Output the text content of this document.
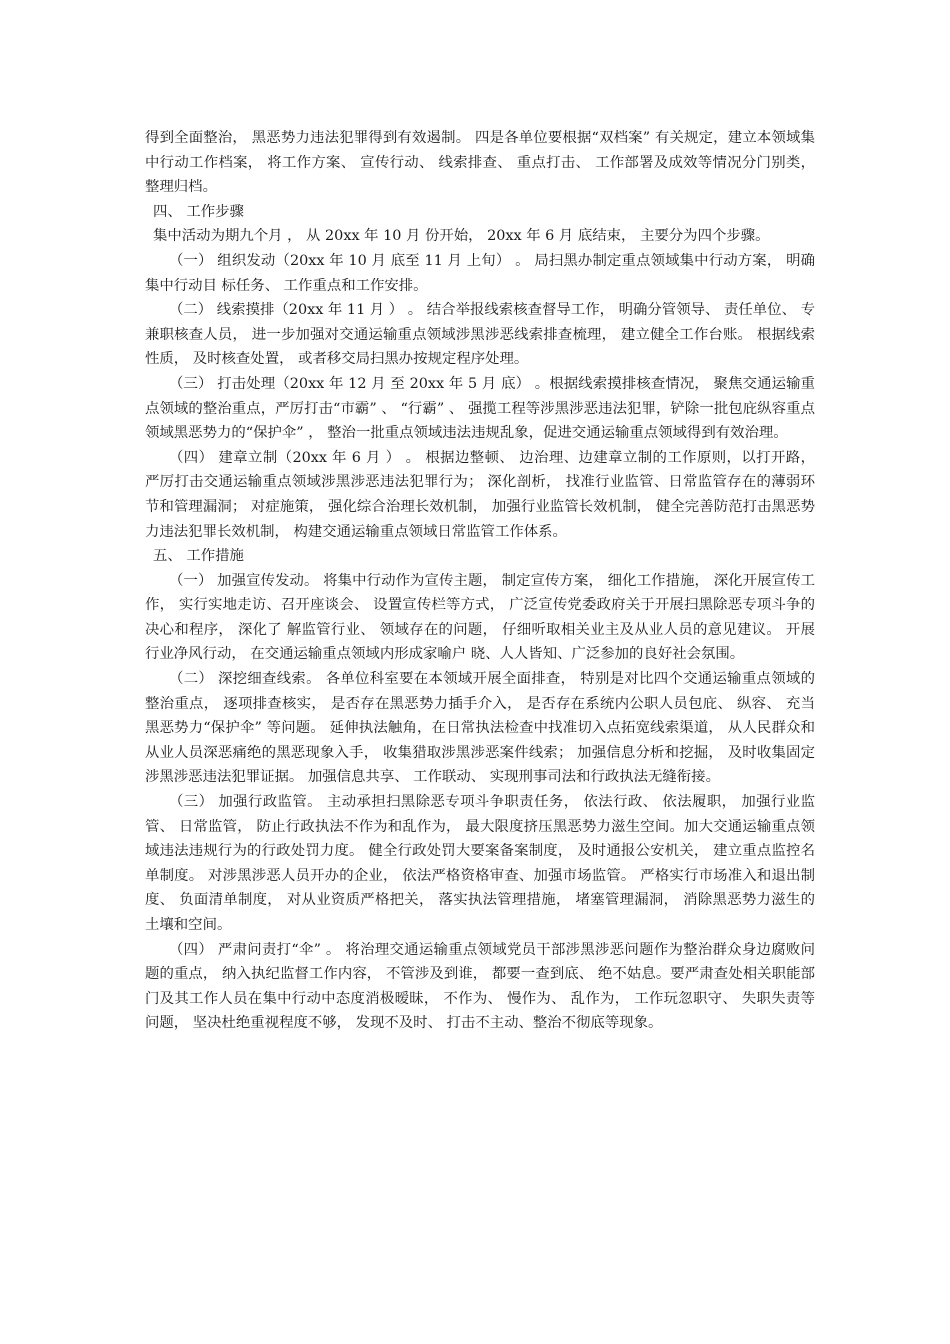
得到全面整治， 黑恶势力违法犯罪得到有效遏制。 四是各单位要根据“双档案” 有关规定，建立本领域集中行动工作档案， 将工作方案、 宣传行动、 线索排查、 重点打击、 工作部署及成效等情况分门别类， 整理归档。

四、 工作步骤

集中活动为期九个月 ， 从 20xx 年 10 月 份开始， 20xx 年 6 月 底结束， 主要分为四个步骤。

（一） 组织发动（20xx 年 10 月 底至 11 月 上旬） 。 局扫黑办制定重点领域集中行动方案， 明确集中行动目 标任务、 工作重点和工作安排。

（二） 线索摸排（20xx 年 11 月 ） 。 结合举报线索核查督导工作， 明确分管领导、 责任单位、 专兼职核查人员， 进一步加强对交通运输重点领域涉黑涉恶线索排查梳理， 建立健全工作台账。 根据线索性质， 及时核查处置， 或者移交局扫黑办按规定程序处理。

（三） 打击处理（20xx 年 12 月 至 20xx 年 5 月 底） 。根据线索摸排核查情况， 聚焦交通运输重点领域的整治重点，严厉打击“市霸” 、 “行霸” 、 强揽工程等涉黑涉恶违法犯罪，铲除一批包庇纵容重点领域黑恶势力的“保护伞” ， 整治一批重点领域违法违规乱象，促进交通运输重点领域得到有效治理。

（四） 建章立制（20xx 年 6 月 ） 。 根据边整顿、 边治理、边建章立制的工作原则，以打开路， 严厉打击交通运输重点领域涉黑涉恶违法犯罪行为； 深化剖析， 找准行业监管、日常监管存在的薄弱环节和管理漏洞； 对症施策， 强化综合治理长效机制， 加强行业监管长效机制， 健全完善防范打击黑恶势力违法犯罪长效机制， 构建交通运输重点领域日常监管工作体系。

五、 工作措施

（一） 加强宣传发动。 将集中行动作为宣传主题， 制定宣传方案， 细化工作措施， 深化开展宣传工作， 实行实地走访、召开座谈会、 设置宣传栏等方式， 广泛宣传党委政府关于开展扫黑除恶专项斗争的决心和程序， 深化了 解监管行业、 领域存在的问题， 仔细听取相关业主及从业人员的意见建议。 开展行业净风行动， 在交通运输重点领域内形成家喻户 晓、人人皆知、广泛参加的良好社会氛围。

（二） 深挖细查线索。 各单位科室要在本领域开展全面排查， 特别是对比四个交通运输重点领域的整治重点， 逐项排查核实， 是否存在黑恶势力插手介入， 是否存在系统内公职人员包庇、 纵容、 充当黑恶势力“保护伞” 等问题。 延伸执法触角，在日常执法检查中找准切入点拓宽线索渠道， 从人民群众和从业人员深恶痛绝的黑恶现象入手， 收集猎取涉黑涉恶案件线索； 加强信息分析和挖掘， 及时收集固定涉黑涉恶违法犯罪证据。 加强信息共享、 工作联动、 实现刑事司法和行政执法无缝衔接。

（三） 加强行政监管。 主动承担扫黑除恶专项斗争职责任务， 依法行政、 依法履职， 加强行业监管、 日常监管， 防止行政执法不作为和乱作为， 最大限度挤压黑恶势力滋生空间。加大交通运输重点领域违法违规行为的行政处罚力度。 健全行政处罚大要案备案制度， 及时通报公安机关， 建立重点监控名单制度。 对涉黑涉恶人员开办的企业， 依法严格资格审查、加强市场监管。 严格实行市场准入和退出制度、 负面清单制度， 对从业资质严格把关， 落实执法管理措施， 堵塞管理漏洞， 消除黑恶势力滋生的土壤和空间。

（四） 严肃问责打“伞” 。 将治理交通运输重点领域党员干部涉黑涉恶问题作为整治群众身边腐败问题的重点， 纳入执纪监督工作内容， 不管涉及到谁， 都要一查到底、 绝不姑息。要严肃查处相关职能部门及其工作人员在集中行动中态度消极暧昧， 不作为、 慢作为、 乱作为， 工作玩忽职守、 失职失责等问题， 坚决杜绝重视程度不够， 发现不及时、 打击不主动、整治不彻底等现象。
